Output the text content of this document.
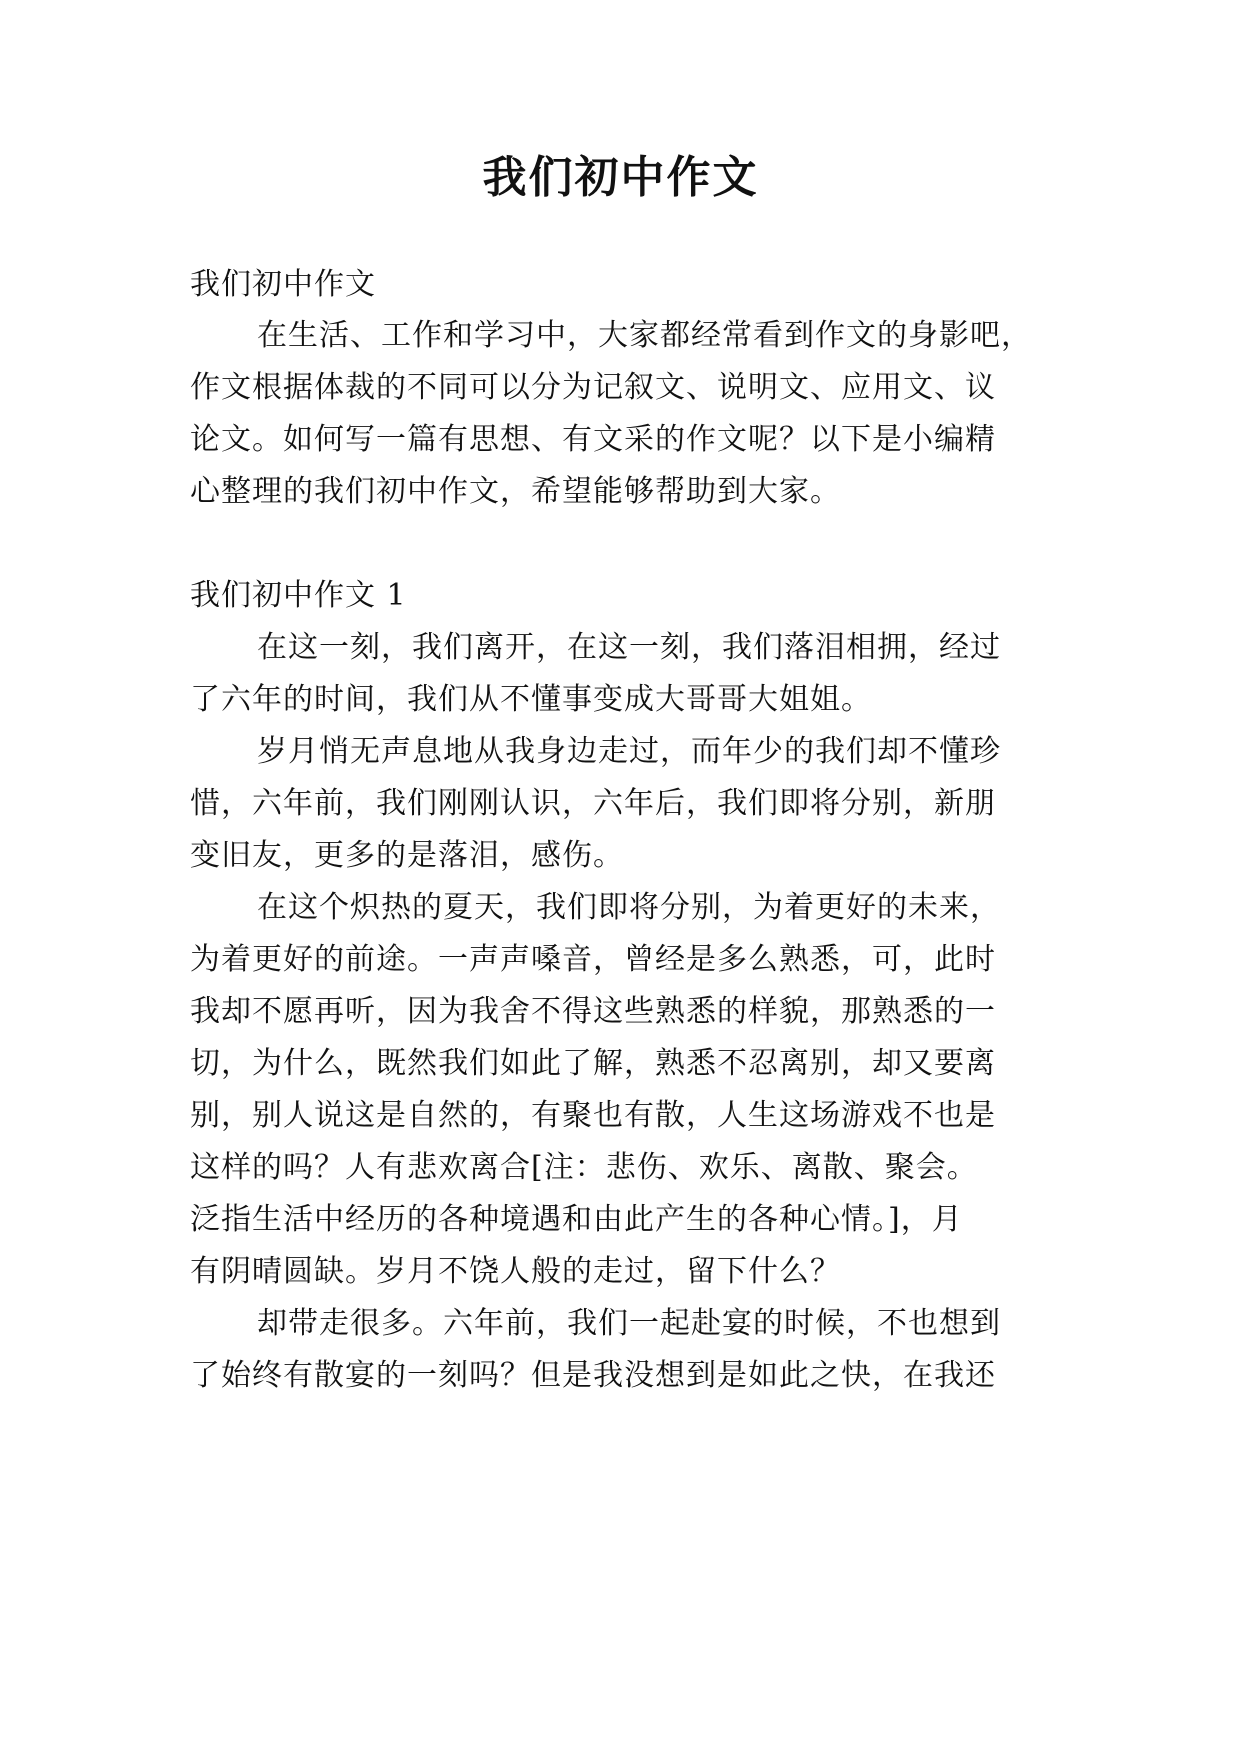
我们初中作文
我们初中作文
在生活、工作和学习中，大家都经常看到作文的身影吧，
作文根据体裁的不同可以分为记叙文、说明文、应用文、议
论文。如何写一篇有思想、有文采的作文呢？以下是小编精
心整理的我们初中作文，希望能够帮助到大家。
我们初中作文 1
在这一刻，我们离开，在这一刻，我们落泪相拥，经过
了六年的时间，我们从不懂事变成大哥哥大姐姐。
岁月悄无声息地从我身边走过，而年少的我们却不懂珍
惜，六年前，我们刚刚认识，六年后，我们即将分别，新朋
变旧友，更多的是落泪，感伤。
在这个炽热的夏天，我们即将分别，为着更好的未来，
为着更好的前途。一声声嗓音，曾经是多么熟悉，可，此时
我却不愿再听，因为我舍不得这些熟悉的样貌，那熟悉的一
切，为什么，既然我们如此了解，熟悉不忍离别，却又要离
别，别人说这是自然的，有聚也有散，人生这场游戏不也是
这样的吗？人有悲欢离合[注：悲伤、欢乐、离散、聚会。
泛指生活中经历的各种境遇和由此产生的各种心情。]，月
有阴晴圆缺。岁月不饶人般的走过，留下什么？
却带走很多。六年前，我们一起赴宴的时候，不也想到
了始终有散宴的一刻吗？但是我没想到是如此之快，在我还
